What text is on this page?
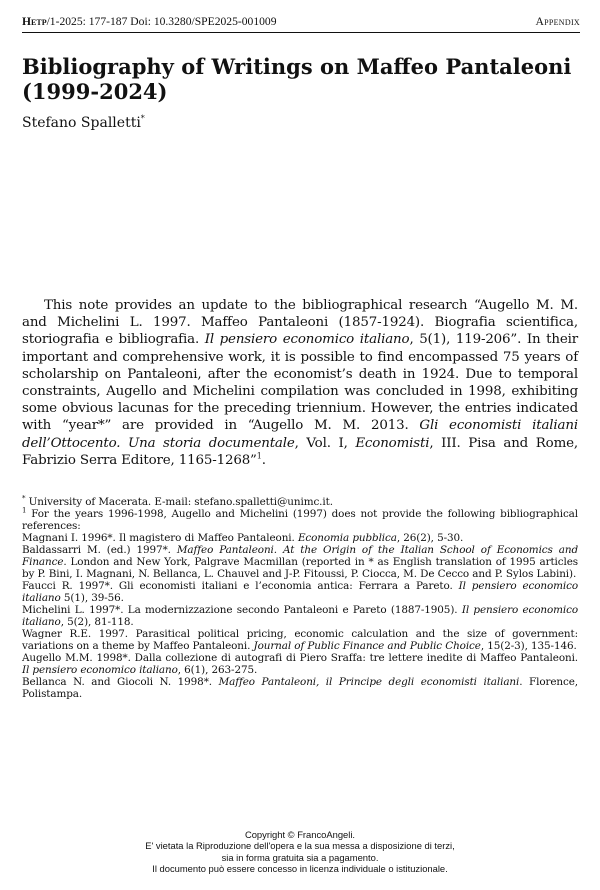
Hetp/1-2025: 177-187 Doi: 10.3280/SPE2025-001009	Appendix
Bibliography of Writings on Maffeo Pantaleoni (1999-2024)
Stefano Spalletti*

This note provides an update to the bibliographical research “Augello M. M. and Michelini L. 1997. Maffeo Pantaleoni (1857-1924). Biografia scientifica, storiografia e bibliografia. Il pensiero economico italiano, 5(1), 119-206”. In their important and comprehensive work, it is possible to find encompassed 75 years of scholarship on Pantaleoni, after the economist’s death in 1924. Due to temporal constraints, Augello and Michelini compilation was concluded in 1998, exhibiting some obvious lacunas for the preceding triennium. However, the entries indicated with “year*” are provided in “Augello M. M. 2013. Gli economisti italiani dell’Ottocento. Una storia documentale, Vol. I, Economisti, III. Pisa and Rome, Fabrizio Serra Editore, 1165-1268”$^1$.

* University of Macerata. E-mail: stefano.spalletti@unimc.it.

$^1$ For the years 1996-1998, Augello and Michelini (1997) does not provide the following bibliographical references:

Magnani I. 1996*. Il magistero di Maffeo Pantaleoni. Economia pubblica, 26(2), 5-30.

Baldassarri M. (ed.) 1997*. Maffeo Pantaleoni. At the Origin of the Italian School of Economics and Finance. London and New York, Palgrave Macmillan (reported in * as English translation of 1995 articles by P. Bini, I. Magnani, N. Bellanca, L. Chauvel and J-P. Fitoussi, P. Ciocca, M. De Cecco and P. Sylos Labini).

Faucci R. 1997*. Gli economisti italiani e l’economia antica: Ferrara a Pareto. Il pensiero economico italiano 5(1), 39-56.

Michelini L. 1997*. La modernizzazione secondo Pantaleoni e Pareto (1887-1905). Il pensiero economico italiano, 5(2), 81-118.

Wagner R.E. 1997. Parasitical political pricing, economic calculation and the size of government: variations on a theme by Maffeo Pantaleoni. Journal of Public Finance and Public Choice, 15(2-3), 135-146.

Augello M.M. 1998*. Dalla collezione di autografi di Piero Sraffa: tre lettere inedite di Maffeo Pantaleoni. Il pensiero economico italiano, 6(1), 263-275.

Bellanca N. and Giocoli N. 1998*. Maffeo Pantaleoni, il Principe degli economisti italiani. Florence, Polistampa.

Copyright © FrancoAngeli.
E' vietata la Riproduzione dell'opera e la sua messa a disposizione di terzi,
sia in forma gratuita sia a pagamento.
Il documento può essere concesso in licenza individuale o istituzionale.
